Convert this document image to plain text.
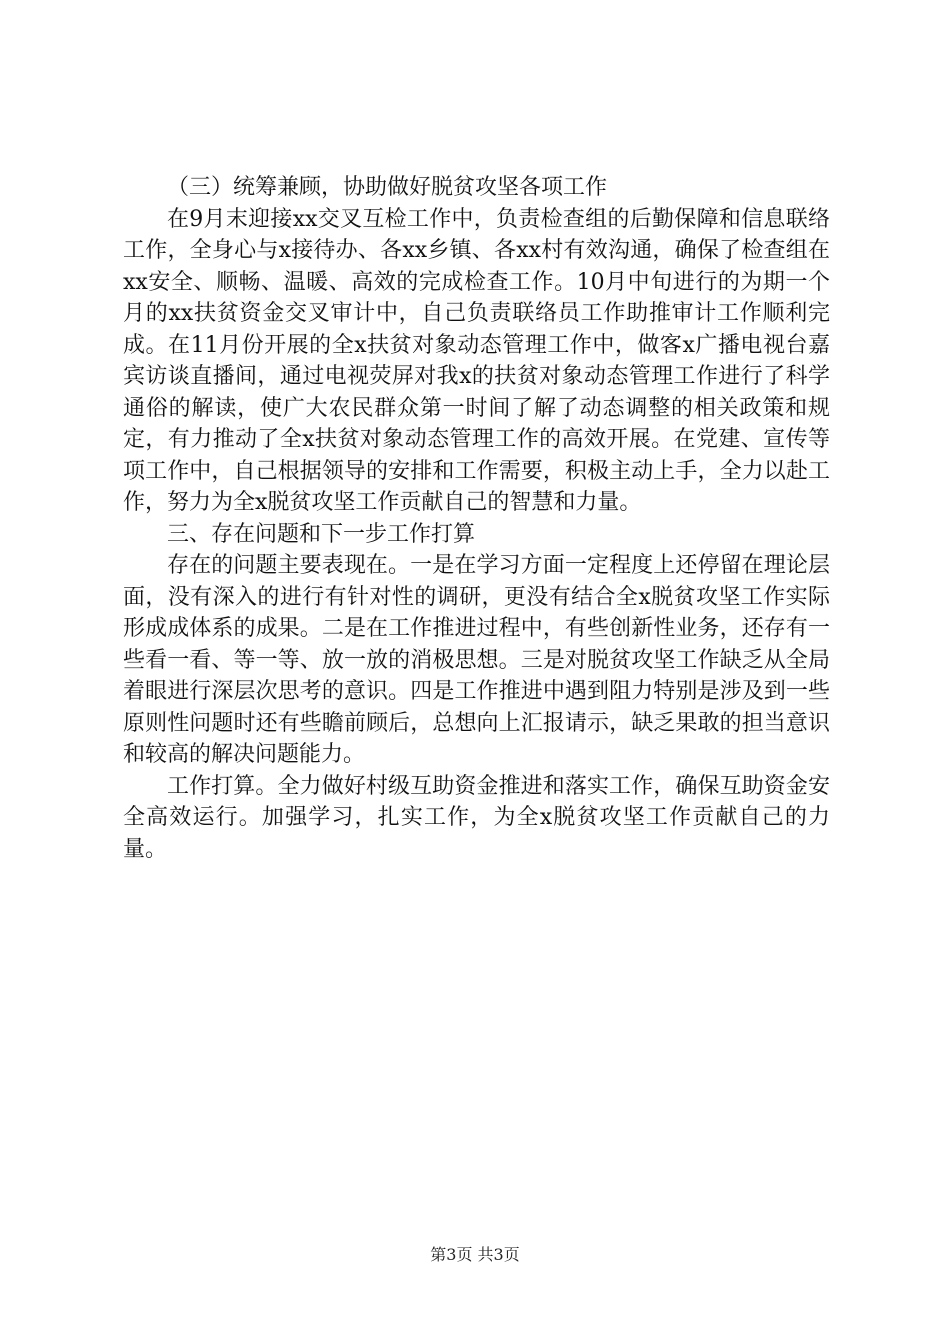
（三）统筹兼顾，协助做好脱贫攻坚各项工作

在9月末迎接xx交叉互检工作中，负责检查组的后勤保障和信息联络工作，全身心与x接待办、各xx乡镇、各xx村有效沟通，确保了检查组在xx安全、顺畅、温暖、高效的完成检查工作。10月中旬进行的为期一个月的xx扶贫资金交叉审计中，自己负责联络员工作助推审计工作顺利完成。在11月份开展的全x扶贫对象动态管理工作中，做客x广播电视台嘉宾访谈直播间，通过电视荧屏对我x的扶贫对象动态管理工作进行了科学通俗的解读，使广大农民群众第一时间了解了动态调整的相关政策和规定，有力推动了全x扶贫对象动态管理工作的高效开展。在党建、宣传等项工作中，自己根据领导的安排和工作需要，积极主动上手，全力以赴工作，努力为全x脱贫攻坚工作贡献自己的智慧和力量。

三、存在问题和下一步工作打算

存在的问题主要表现在。一是在学习方面一定程度上还停留在理论层面，没有深入的进行有针对性的调研，更没有结合全x脱贫攻坚工作实际形成成体系的成果。二是在工作推进过程中，有些创新性业务，还存有一些看一看、等一等、放一放的消极思想。三是对脱贫攻坚工作缺乏从全局着眼进行深层次思考的意识。四是工作推进中遇到阻力特别是涉及到一些原则性问题时还有些瞻前顾后，总想向上汇报请示，缺乏果敢的担当意识和较高的解决问题能力。

工作打算。全力做好村级互助资金推进和落实工作，确保互助资金安全高效运行。加强学习，扎实工作，为全x脱贫攻坚工作贡献自己的力量。

第3页 共3页
